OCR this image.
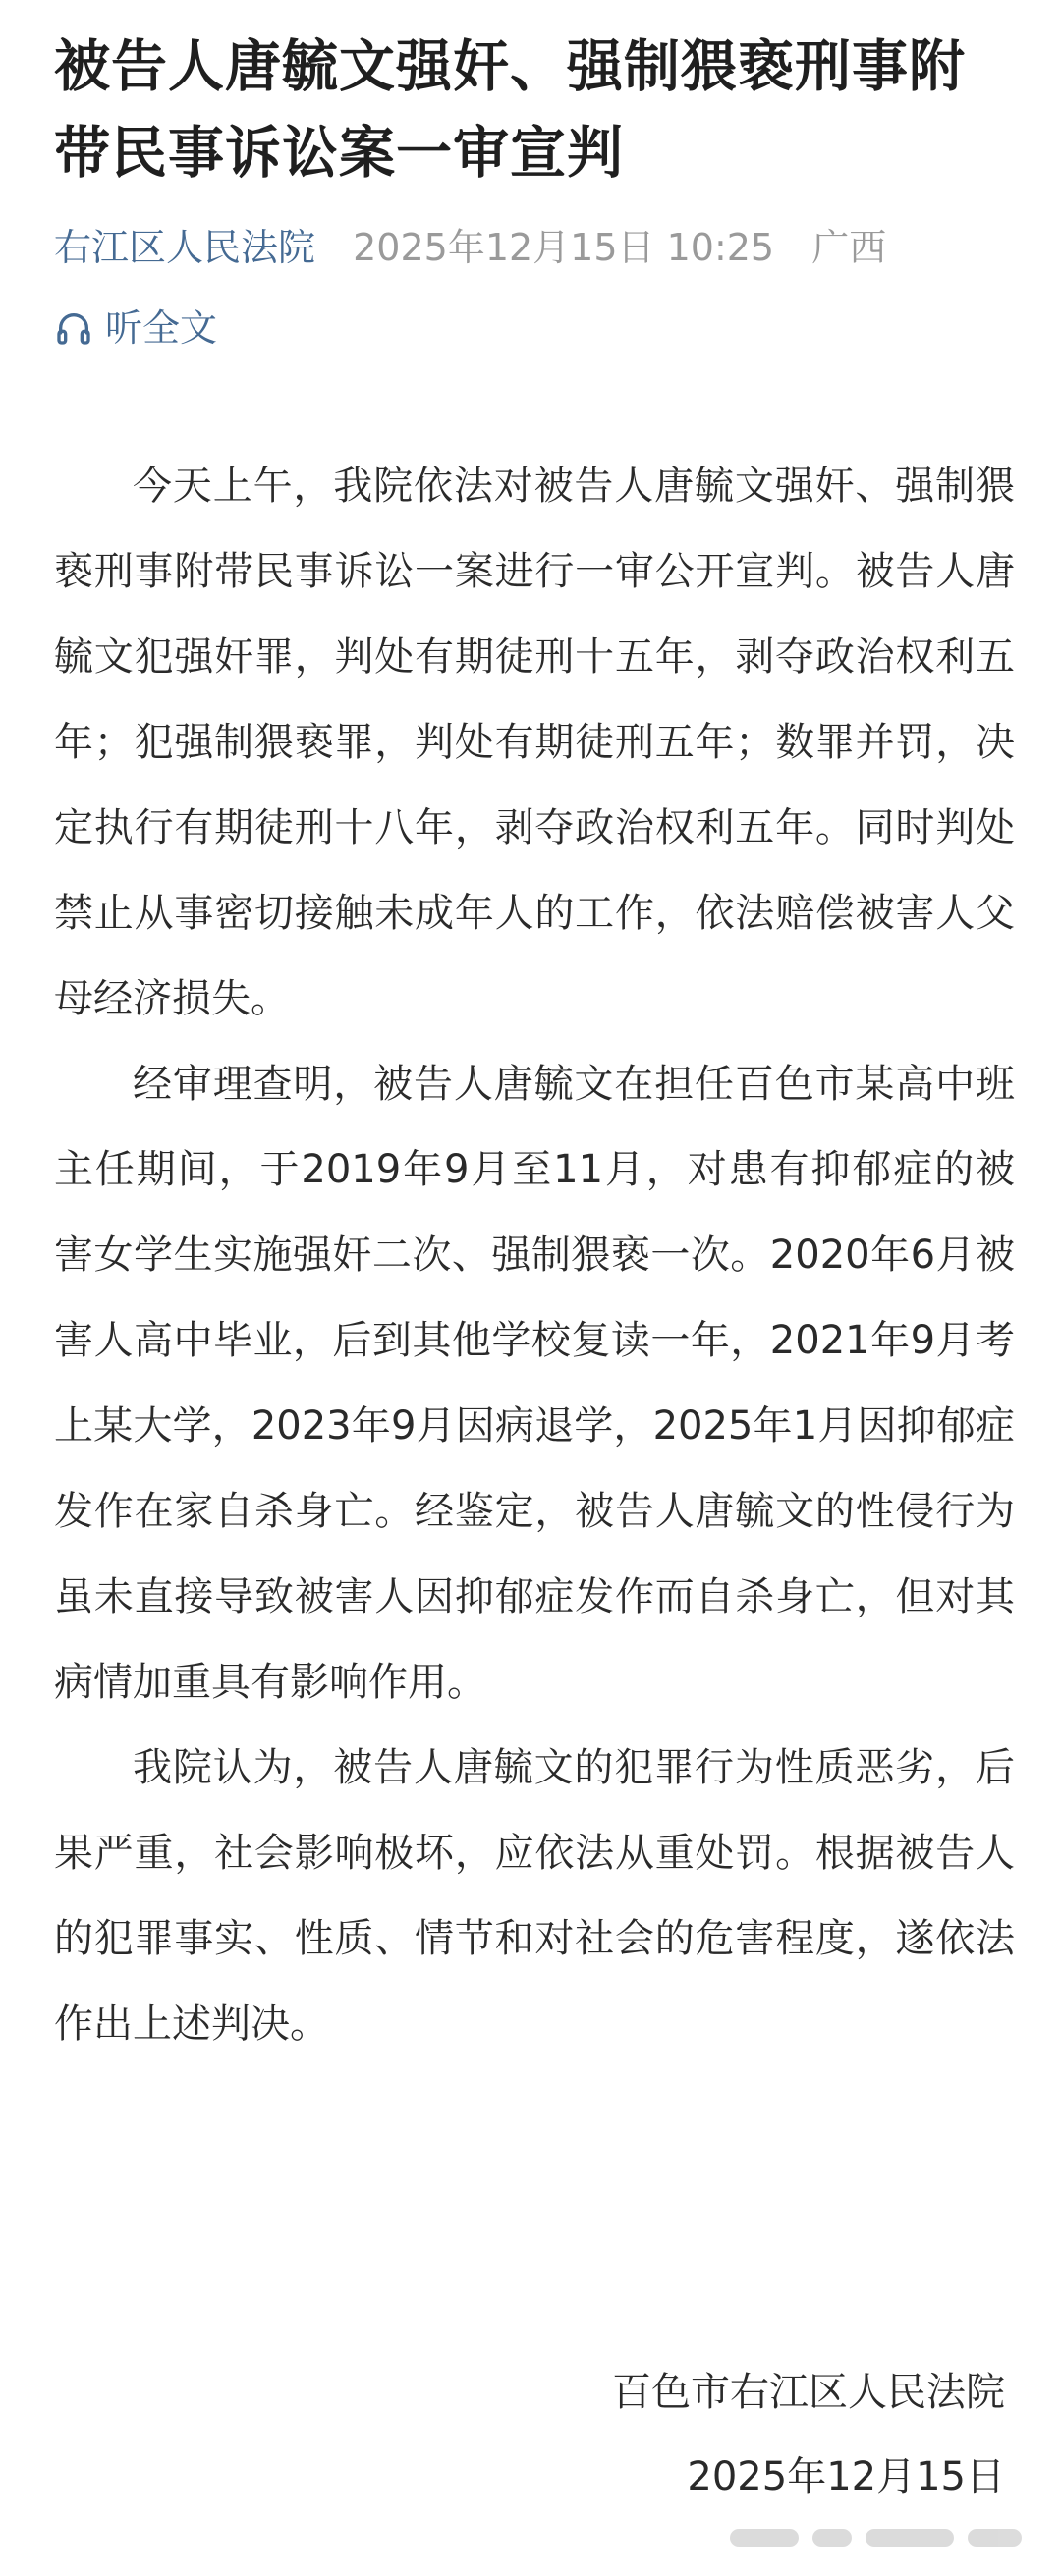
被告人唐毓文强奸、强制猥亵刑事附带民事诉讼案一审宣判
右江区人民法院 2025年12月15日 10:25 广西
听全文

今天上午，我院依法对被告人唐毓文强奸、强制猥亵刑事附带民事诉讼一案进行一审公开宣判。被告人唐毓文犯强奸罪，判处有期徒刑十五年，剥夺政治权利五年；犯强制猥亵罪，判处有期徒刑五年；数罪并罚，决定执行有期徒刑十八年，剥夺政治权利五年。同时判处禁止从事密切接触未成年人的工作，依法赔偿被害人父母经济损失。

经审理查明，被告人唐毓文在担任百色市某高中班主任期间，于2019年9月至11月，对患有抑郁症的被害女学生实施强奸二次、强制猥亵一次。2020年6月被害人高中毕业，后到其他学校复读一年，2021年9月考上某大学，2023年9月因病退学，2025年1月因抑郁症发作在家自杀身亡。经鉴定，被告人唐毓文的性侵行为虽未直接导致被害人因抑郁症发作而自杀身亡，但对其病情加重具有影响作用。

我院认为，被告人唐毓文的犯罪行为性质恶劣，后果严重，社会影响极坏，应依法从重处罚。根据被告人的犯罪事实、性质、情节和对社会的危害程度，遂依法作出上述判决。

百色市右江区人民法院
2025年12月15日
